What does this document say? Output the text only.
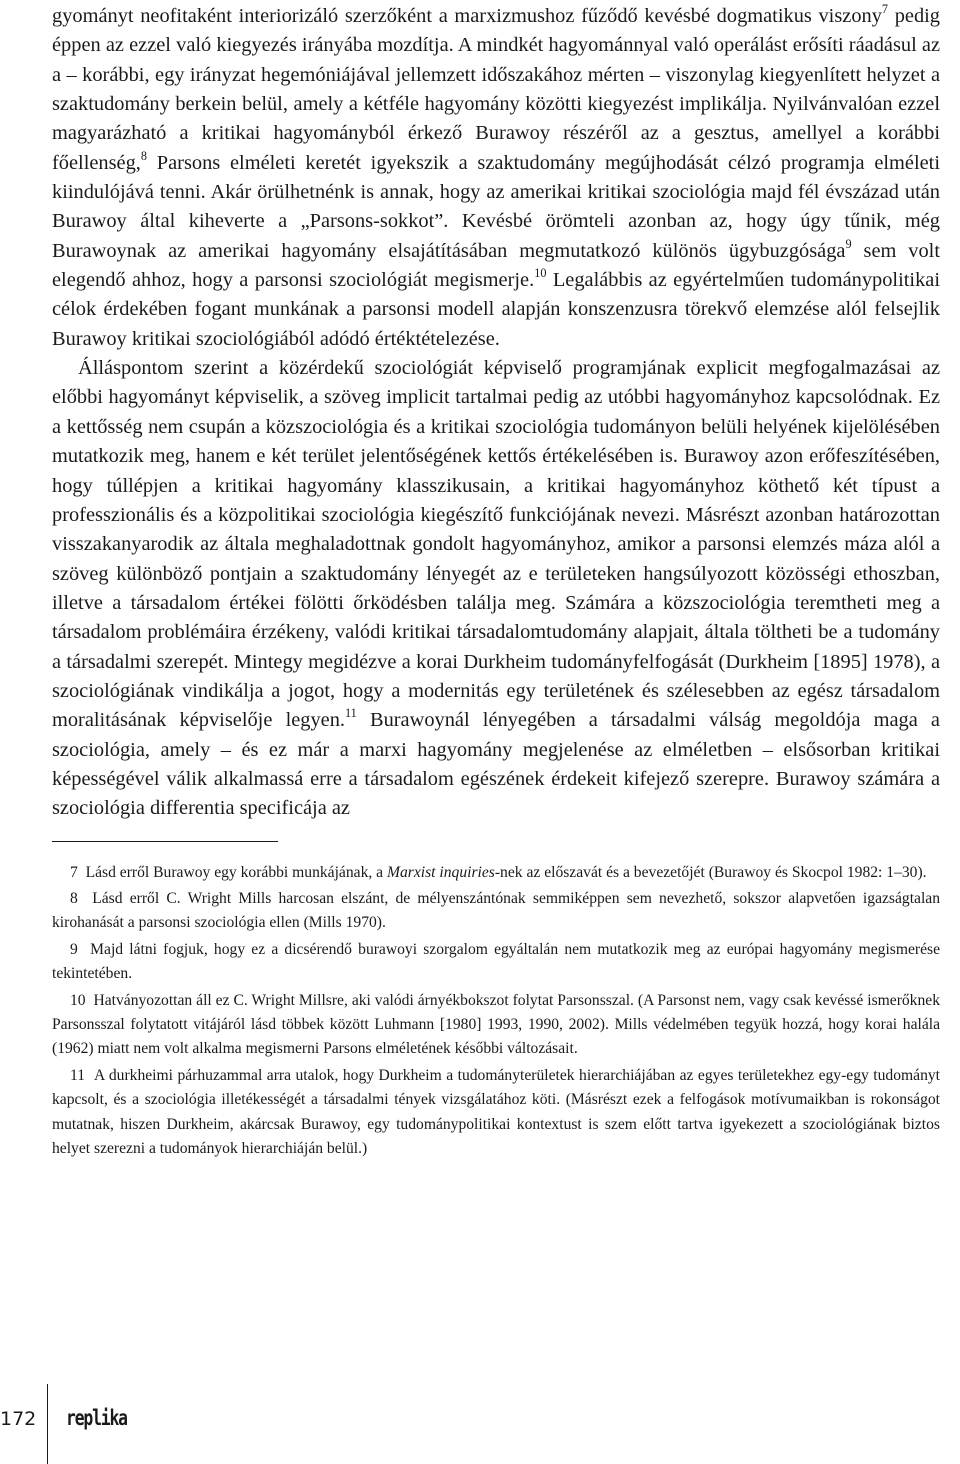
gyományt neofitaként interiorizáló szerzőként a marxizmushoz fűződő kevésbé dogmatikus viszony$^7$ pedig éppen az ezzel való kiegyezés irányába mozdítja. A mindkét hagyománnyal való operálást erősíti ráadásul az a – korábbi, egy irányzat hegemóniájával jellemzett időszakához mérten – viszonylag kiegyenlített helyzet a szaktudomány berkein belül, amely a kétféle hagyomány közötti kiegyezést implikálja. Nyilvánvalóan ezzel magyarázható a kritikai hagyományból érkező Burawoy részéről az a gesztus, amellyel a korábbi főellenség,$^8$ Parsons elméleti keretét igyekszik a szaktudomány megújhodását célzó programja elméleti kiindulójává tenni. Akár örülhetnénk is annak, hogy az amerikai kritikai szociológia majd fél évszázad után Burawoy által kiheverte a „Parsons-sokkot”. Kevésbé örömteli azonban az, hogy úgy tűnik, még Burawoynak az amerikai hagyomány elsajátításában megmutatkozó különös ügybuzgósága$^9$ sem volt elegendő ahhoz, hogy a parsonsi szociológiát megismerje.$^{10}$ Legalábbis az egyértelműen tudománypolitikai célok érdekében fogant munkának a parsonsi modell alapján konszenzusra törekvő elemzése alól felsejlik Burawoy kritikai szociológiából adódó értéktételezése.

Álláspontom szerint a közérdekű szociológiát képviselő programjának explicit megfogalmazásai az előbbi hagyományt képviselik, a szöveg implicit tartalmai pedig az utóbbi hagyományhoz kapcsolódnak. Ez a kettősség nem csupán a közszociológia és a kritikai szociológia tudományon belüli helyének kijelölésében mutatkozik meg, hanem e két terület jelentőségének kettős értékelésében is. Burawoy azon erőfeszítésében, hogy túllépjen a kritikai hagyomány klasszikusain, a kritikai hagyományhoz köthető két típust a professzionális és a közpolitikai szociológia kiegészítő funkciójának nevezi. Másrészt azonban határozottan visszakanyarodik az általa meghaladottnak gondolt hagyományhoz, amikor a parsonsi elemzés máza alól a szöveg különböző pontjain a szaktudomány lényegét az e területeken hangsúlyozott közösségi ethoszban, illetve a társadalom értékei fölötti őrködésben találja meg. Számára a közszociológia teremtheti meg a társadalom problémáira érzékeny, valódi kritikai társadalomtudomány alapjait, általa töltheti be a tudomány a társadalmi szerepét. Mintegy megidézve a korai Durkheim tudományfelfogását (Durkheim [1895] 1978), a szociológiának vindikálja a jogot, hogy a modernitás egy területének és szélesebben az egész társadalom moralitásának képviselője legyen.$^{11}$ Burawoynál lényegében a társadalmi válság megoldója maga a szociológia, amely – és ez már a marxi hagyomány megjelenése az elméletben – elsősorban kritikai képességével válik alkalmassá erre a társadalom egészének érdekeit kifejező szerepre. Burawoy számára a szociológia differentia specificája az

7 Lásd erről Burawoy egy korábbi munkájának, a Marxist inquiries-nek az előszavát és a bevezetőjét (Burawoy és Skocpol 1982: 1–30).

8 Lásd erről C. Wright Mills harcosan elszánt, de mélyenszántónak semmiképpen sem nevezhető, sokszor alapvetően igazságtalan kirohanását a parsonsi szociológia ellen (Mills 1970).

9 Majd látni fogjuk, hogy ez a dicsérendő burawoyi szorgalom egyáltalán nem mutatkozik meg az európai hagyomány megismerése tekintetében.

10 Hatványozottan áll ez C. Wright Millsre, aki valódi árnyékbokszot folytat Parsonsszal. (A Parsonst nem, vagy csak kevéssé ismerőknek Parsonsszal folytatott vitájáról lásd többek között Luhmann [1980] 1993, 1990, 2002). Mills védelmében tegyük hozzá, hogy korai halála (1962) miatt nem volt alkalma megismerni Parsons elméletének későbbi változásait.

11 A durkheimi párhuzammal arra utalok, hogy Durkheim a tudományterületek hierarchiájában az egyes területekhez egy-egy tudományt kapcsolt, és a szociológia illetékességét a társadalmi tények vizsgálatához köti. (Másrészt ezek a felfogások motívumaikban is rokonságot mutatnak, hiszen Durkheim, akárcsak Burawoy, egy tudománypolitikai kontextust is szem előtt tartva igyekezett a szociológiának biztos helyet szerezni a tudományok hierarchiáján belül.)

172 replika
